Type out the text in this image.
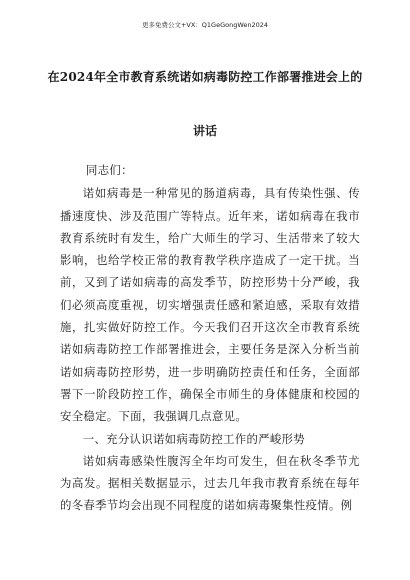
更多免费公文+VX：Q1GeGongWen2024
在2024年全市教育系统诺如病毒防控工作部署推进会上的
讲话

同志们：

诺如病毒是一种常见的肠道病毒，具有传染性强、传播速度快、涉及范围广等特点。近年来，诺如病毒在我市教育系统时有发生，给广大师生的学习、生活带来了较大影响，也给学校正常的教育教学秩序造成了一定干扰。当前，又到了诺如病毒的高发季节，防控形势十分严峻，我们必须高度重视，切实增强责任感和紧迫感，采取有效措施，扎实做好防控工作。今天我们召开这次全市教育系统诺如病毒防控工作部署推进会，主要任务是深入分析当前诺如病毒防控形势，进一步明确防控责任和任务，全面部署下一阶段防控工作，确保全市师生的身体健康和校园的安全稳定。下面，我强调几点意见。

一、充分认识诺如病毒防控工作的严峻形势

诺如病毒感染性腹泻全年均可发生，但在秋冬季节尤为高发。据相关数据显示，过去几年我市教育系统在每年的冬春季节均会出现不同程度的诺如病毒聚集性疫情。例
